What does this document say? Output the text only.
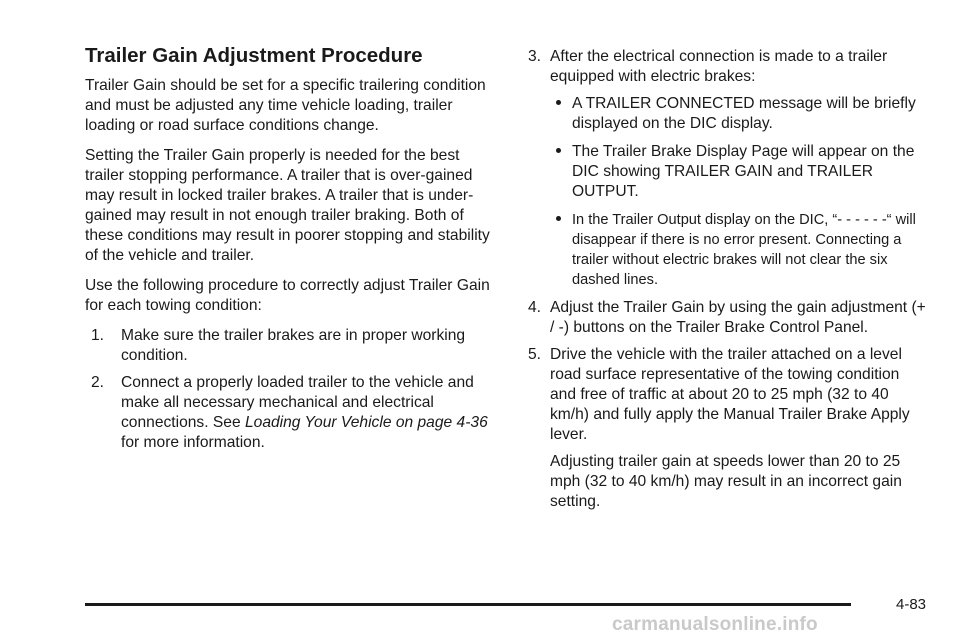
Trailer Gain Adjustment Procedure

Trailer Gain should be set for a specific trailering condition and must be adjusted any time vehicle loading, trailer loading or road surface conditions change.

Setting the Trailer Gain properly is needed for the best trailer stopping performance. A trailer that is over-gained may result in locked trailer brakes. A trailer that is under-gained may result in not enough trailer braking. Both of these conditions may result in poorer stopping and stability of the vehicle and trailer.

Use the following procedure to correctly adjust Trailer Gain for each towing condition:

1. Make sure the trailer brakes are in proper working condition.
2. Connect a properly loaded trailer to the vehicle and make all necessary mechanical and electrical connections. See Loading Your Vehicle on page 4-36 for more information.
3. After the electrical connection is made to a trailer equipped with electric brakes:
A TRAILER CONNECTED message will be briefly displayed on the DIC display.
The Trailer Brake Display Page will appear on the DIC showing TRAILER GAIN and TRAILER OUTPUT.
In the Trailer Output display on the DIC, “- - - - - -“ will disappear if there is no error present. Connecting a trailer without electric brakes will not clear the six dashed lines.
4. Adjust the Trailer Gain by using the gain adjustment (+ / -) buttons on the Trailer Brake Control Panel.
5. Drive the vehicle with the trailer attached on a level road surface representative of the towing condition and free of traffic at about 20 to 25 mph (32 to 40 km/h) and fully apply the Manual Trailer Brake Apply lever.

Adjusting trailer gain at speeds lower than 20 to 25 mph (32 to 40 km/h) may result in an incorrect gain setting.

4-83
carmanualsonline.info
